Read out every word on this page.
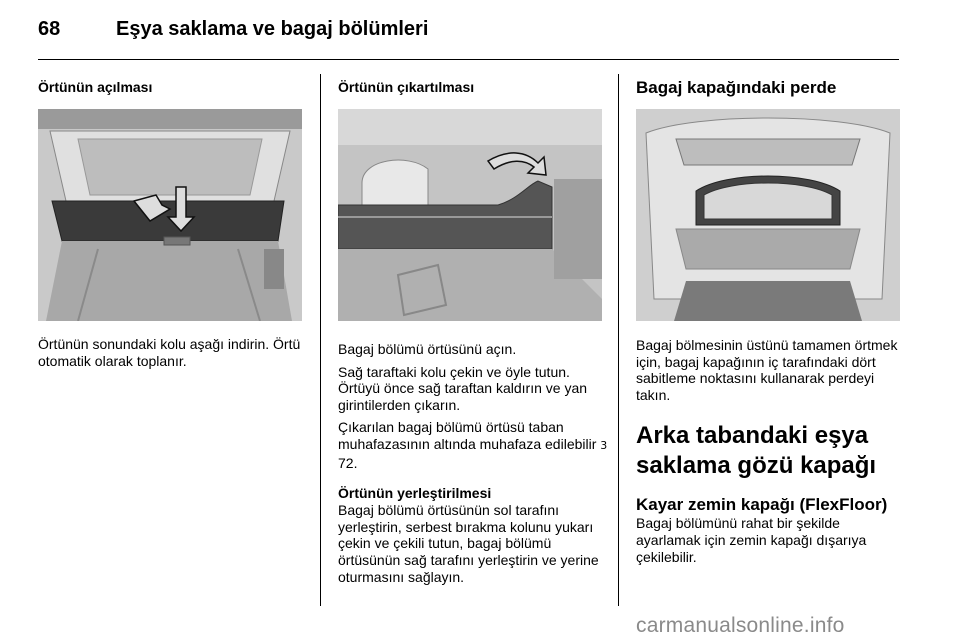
68	Eşya saklama ve bagaj bölümleri
Örtünün açılması

Örtünün sonundaki kolu aşağı indirin. Örtü otomatik olarak toplanır.

Örtünün çıkartılması

Bagaj bölümü örtüsünü açın.

Sağ taraftaki kolu çekin ve öyle tutun. Örtüyü önce sağ taraftan kaldırın ve yan girintilerden çıkarın.

Çıkarılan bagaj bölümü örtüsü taban muhafazasının altında muhafaza edilebilir 3 72.

Örtünün yerleştirilmesi

Bagaj bölümü örtüsünün sol tarafını yerleştirin, serbest bırakma kolunu yukarı çekin ve çekili tutun, bagaj bölümü örtüsünün sağ tarafını yerleştirin ve yerine oturmasını sağlayın.

Bagaj kapağındaki perde

Bagaj bölmesinin üstünü tamamen örtmek için, bagaj kapağının iç tarafındaki dört sabitleme noktasını kullanarak perdeyi takın.

Arka tabandaki eşya saklama gözü kapağı
Kayar zemin kapağı (FlexFloor)

Bagaj bölümünü rahat bir şekilde ayarlamak için zemin kapağı dışarıya çekilebilir.

carmanualsonline.info
